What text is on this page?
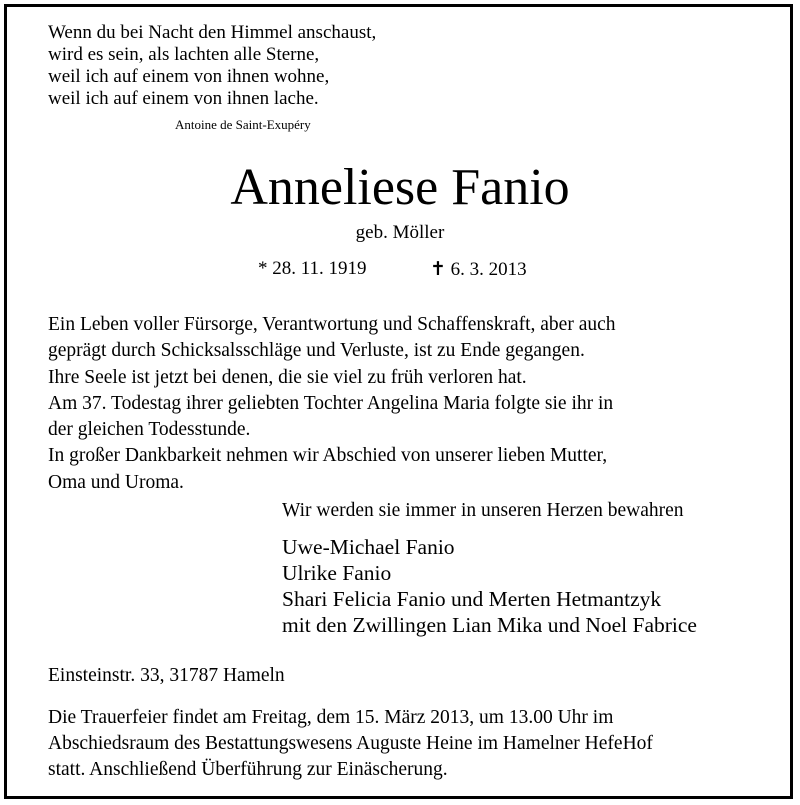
Wenn du bei Nacht den Himmel anschaust,
wird es sein, als lachten alle Sterne,
weil ich auf einem von ihnen wohne,
weil ich auf einem von ihnen lache.
Antoine de Saint-Exupéry
Anneliese Fanio
geb. Möller
* 28. 11. 1919	✝ 6. 3. 2013
Ein Leben voller Fürsorge, Verantwortung und Schaffenskraft, aber auch
geprägt durch Schicksalsschläge und Verluste, ist zu Ende gegangen.
Ihre Seele ist jetzt bei denen, die sie viel zu früh verloren hat.
Am 37. Todestag ihrer geliebten Tochter Angelina Maria folgte sie ihr in
der gleichen Todesstunde.
In großer Dankbarkeit nehmen wir Abschied von unserer lieben Mutter,
Oma und Uroma.
Wir werden sie immer in unseren Herzen bewahren
Uwe-Michael Fanio
Ulrike Fanio
Shari Felicia Fanio und Merten Hetmantzyk
mit den Zwillingen Lian Mika und Noel Fabrice
Einsteinstr. 33, 31787 Hameln
Die Trauerfeier findet am Freitag, dem 15. März 2013, um 13.00 Uhr im
Abschiedsraum des Bestattungswesens Auguste Heine im Hamelner HefeHof
statt. Anschließend Überführung zur Einäscherung.
